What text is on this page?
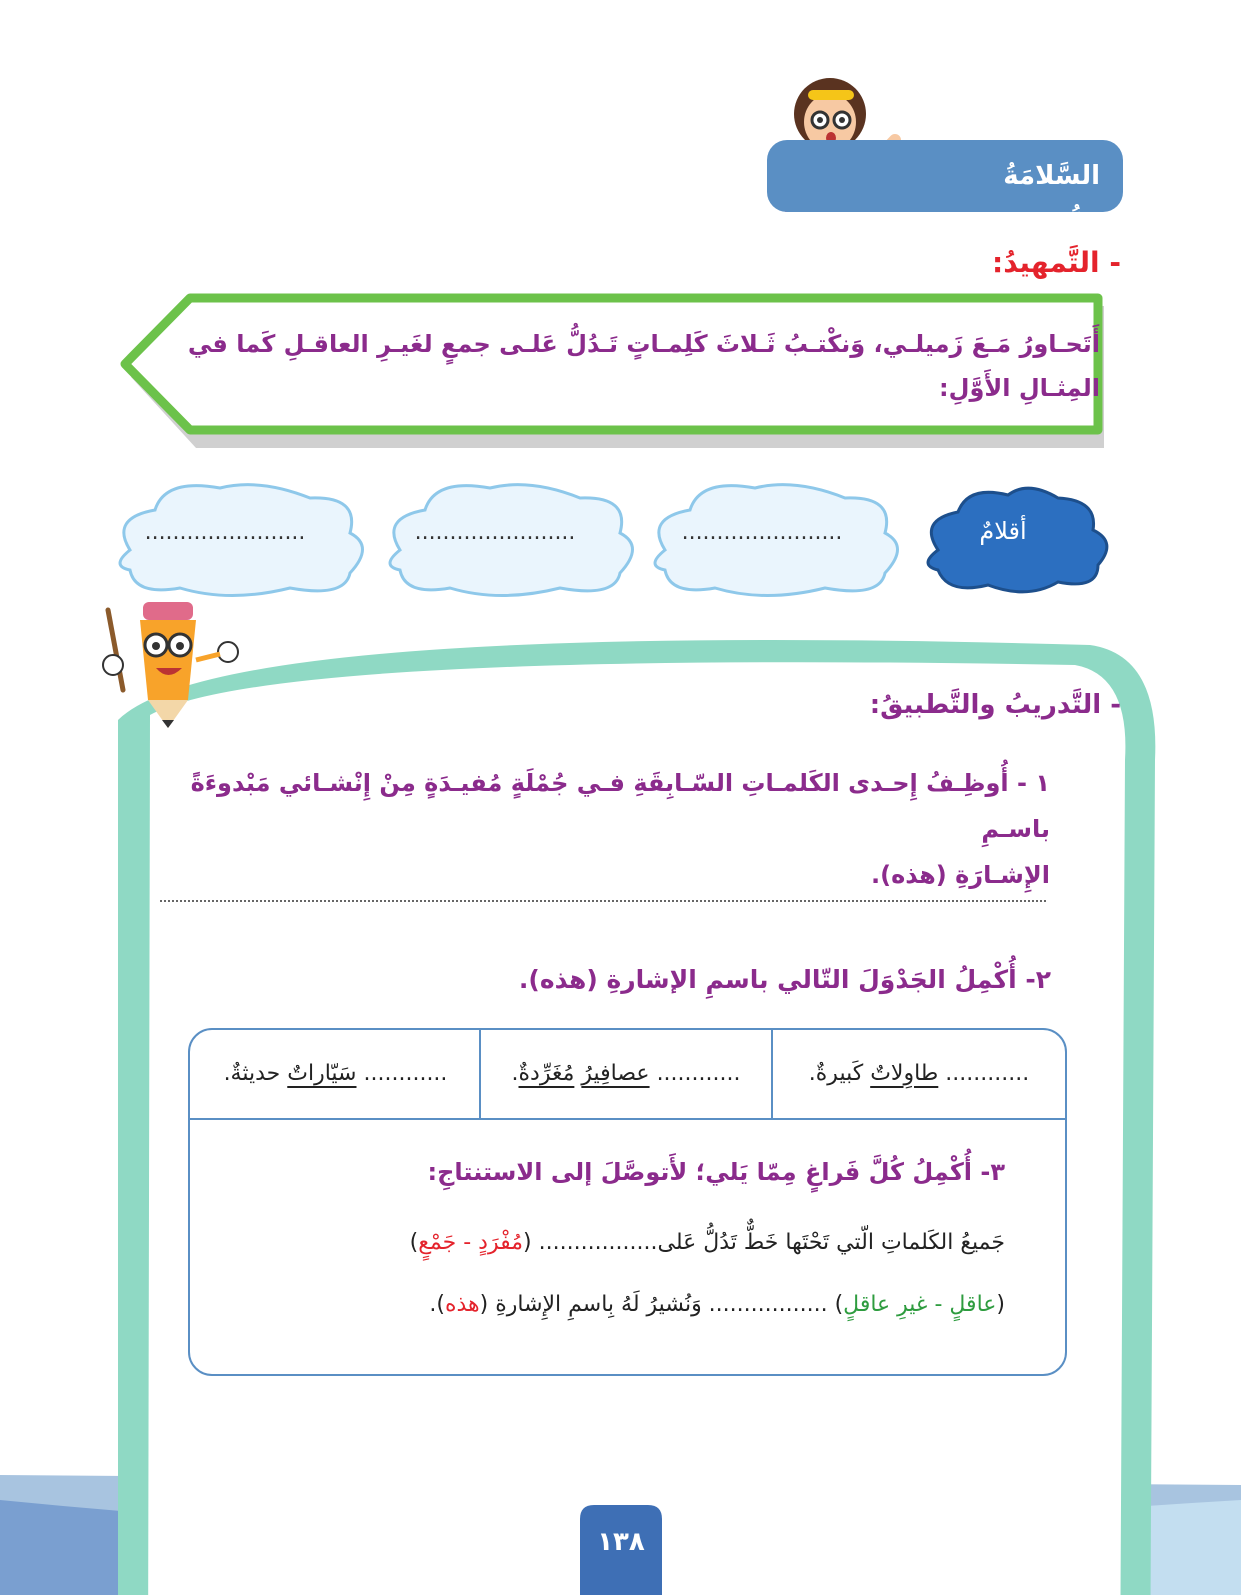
السَّلامَةُ اللُّغَوِيَّةُ:
- التَّمهيدُ:
أَتَحـاورُ مَـعَ زَميلـي، وَنكْتـبُ ثَـلاثَ كَلِمـاتٍ تَـدُلُّ عَلـى جمعٍ لغَيـرِ العاقـلِ كَما في
المِثـالِ الأَوَّلِ:
أقلامٌ
.......................
.......................
.......................
- التَّدريبُ والتَّطبيقُ:
١ - أُوظِـفُ إِحـدى الكَلمـاتِ السّـابِقَةِ فـي جُمْلَةٍ مُفيـدَةٍ مِنْ إِنْشـائي مَبْدوءَةً باسـمِ
الإِشـارَةِ (هذه).
٢- أُكْمِلُ الجَدْوَلَ التّالي باسمِ الإشارةِ (هذه).
............ طاوِلاتٌ كَبيرةٌ.
............ عصافِيرُ مُغَرِّدةٌ.
............ سَيّاراتٌ حديثةٌ.
٣- أُكْمِلُ كُلَّ فَراغٍ مِمّا يَلي؛ لأَتوصَّلَ إلى الاستنتاجِ:
جَميعُ الكَلماتِ الّتي تَحْتَها خَطٌّ تَدُلُّ عَلى................. (مُفْرَدٍ - جَمْعٍ)
(عاقلٍ - غيرِ عاقلٍ) ................. وَنُشيرُ لَهُ بِاسمِ الإِشارةِ (هذه).
١٣٨
